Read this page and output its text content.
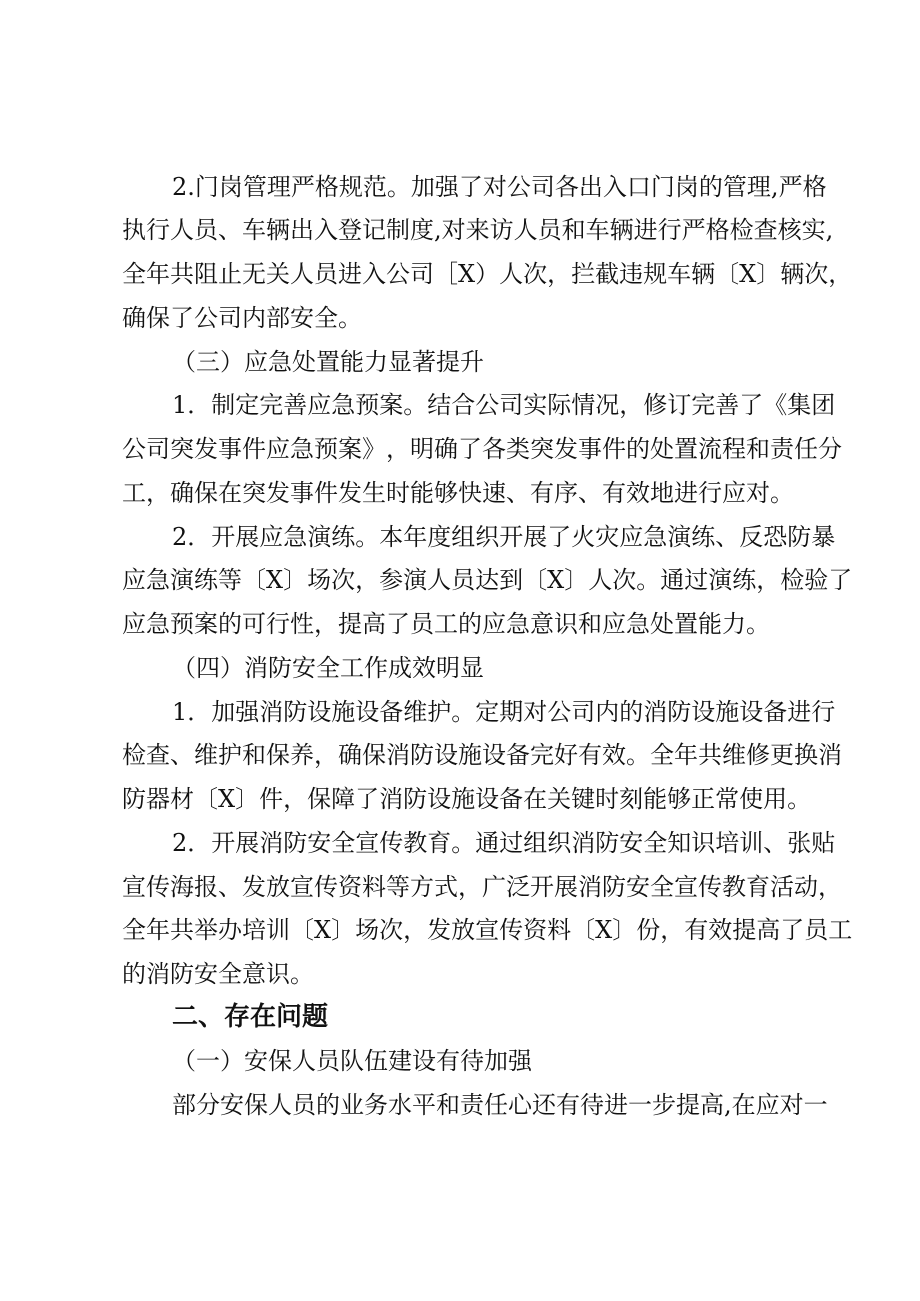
2 . 门 岗 管 理 严 格 规 范 。 加 强 了 对 公 司 各 出 入 口 门 岗 的 管 理 , 严 格
执 行 人 员 、 车 辆 出 入 登 记 制 度 , 对 来 访 人 员 和 车 辆 进 行 严 格 检 查 核 实 ,
全 年 共 阻 止 无 关 人 员 进 入 公 司 ［ X ） 人 次 ， 拦 截 违 规 车 辆 〔 X 〕 辆 次 ，
确保了公司内部安全。
（三）应急处置能力显著提升
1 ． 制 定 完 善 应 急 预 案 。 结 合 公 司 实 际 情 况 ， 修 订 完 善 了 《 集 团
公 司 突 发 事 件 应 急 预 案 》 ， 明 确 了 各 类 突 发 事 件 的 处 置 流 程 和 责 任 分
工，确保在突发事件发生时能够快速、有序、有效地进行应对。
2 ． 开 展 应 急 演 练 。 本 年 度 组 织 开 展 了 火 灾 应 急 演 练 、 反 恐 防 暴
应 急 演 练 等 〔 X 〕 场 次 ， 参 演 人 员 达 到 〔 X 〕 人 次 。 通 过 演 练 ， 检 验 了
应急预案的可行性，提高了员工的应急意识和应急处置能力。
（四）消防安全工作成效明显
1 ． 加 强 消 防 设 施 设 备 维 护 。 定 期 对 公 司 内 的 消 防 设 施 设 备 进 行
检 查 、 维 护 和 保 养 ， 确 保 消 防 设 施 设 备 完 好 有 效 。 全 年 共 维 修 更 换 消
防器材〔X〕件，保障了消防设施设备在关键时刻能够正常使用。
2 ． 开 展 消 防 安 全 宣 传 教 育 。 通 过 组 织 消 防 安 全 知 识 培 训 、 张 贴
宣 传 海 报 、 发 放 宣 传 资 料 等 方 式 ， 广 泛 开 展 消 防 安 全 宣 传 教 育 活 动 ，
全 年 共 举 办 培 训 〔 X 〕 场 次 ， 发 放 宣 传 资 料 〔 X 〕 份 ， 有 效 提 高 了 员 工
的消防安全意识。
二、存在问题
（一）安保人员队伍建设有待加强
部 分 安 保 人 员 的 业 务 水 平 和 责 任 心 还 有 待 进 一 步 提 高 , 在 应 对 一
